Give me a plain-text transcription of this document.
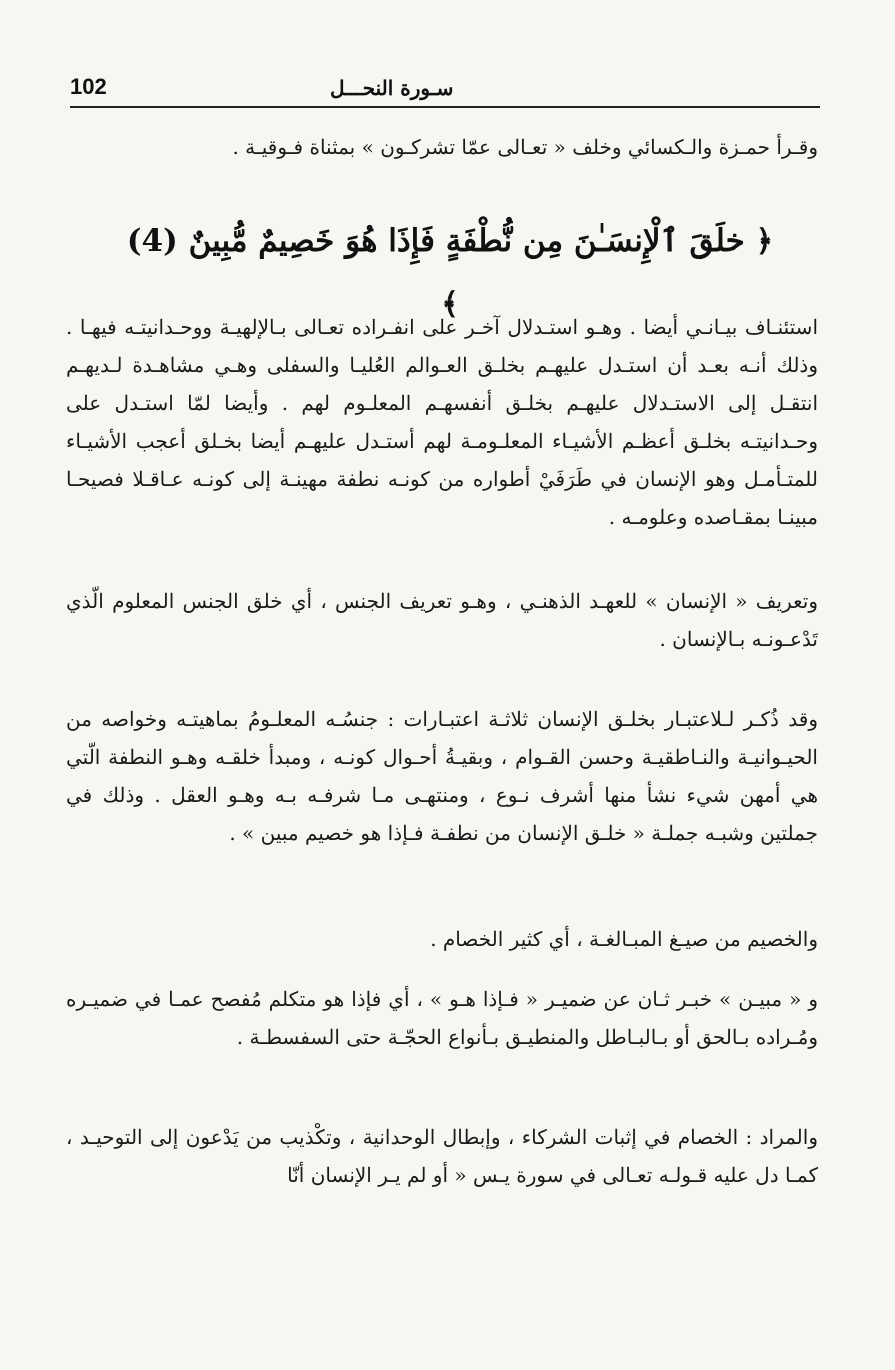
102	سـورة النحـــل
وقـرأ حمـزة والـكسائي وخلف « تعـالى عمّا تشركـون » بمثناة فـوقيـة .
﴿ خلَقَ ٱلْإِنسَـٰنَ مِن نُّطْفَةٍ فَإِذَا هُوَ خَصِيمٌ مُّبِينٌ (4) ﴾
استئنـاف بيـانـي أيضا . وهـو استـدلال آخـر على انفـراده تعـالى بـالإلهيـة ووحـدانيتـه فيهـا . وذلك أنـه بعـد أن استـدل عليهـم بخلـق العـوالم العُليـا والسفلى وهـي مشاهـدة لـديهـم انتقـل إلى الاستـدلال عليهـم بخلـق أنفسهـم المعلـوم لهم . وأيضا لمّا استـدل على وحـدانيتـه بخلـق أعظـم الأشيـاء المعلـومـة لهم أستـدل عليهـم أيضا بخـلق أعجب الأشيـاء للمتـأمـل وهو الإنسان في طَرَفَيْ أطواره من كونـه نطفة مهينـة إلى كونـه عـاقـلا فصيحـا مبينـا بمقـاصده وعلومـه .
وتعريف « الإنسان » للعهـد الذهنـي ، وهـو تعريف الجنس ، أي خلق الجنس المعلوم الّذي تَدْعـونـه بـالإنسان .
وقد ذُكـر لـلاعتبـار بخلـق الإنسان ثلاثـة اعتبـارات : جنسُـه المعلـومُ بماهيتـه وخواصه من الحيـوانيـة والنـاطقيـة وحسن القـوام ، وبقيـةُ أحـوال كونـه ، ومبدأ خلقـه وهـو النطفة الّتي هي أمهن شيء نشأ منها أشرف نـوع ، ومنتهـى مـا شرفـه بـه وهـو العقل . وذلك في جملتين وشبـه جملـة « خلـق الإنسان من نطفـة فـإذا هو خصيم مبين » .
والخصيم من صيـغ المبـالغـة ، أي كثير الخصام .
و « مبيـن » خبـر ثـان عن ضميـر « فـإذا هـو » ، أي فإذا هو متكلم مُفصح عمـا في ضميـره ومُـراده بـالحق أو بـالبـاطل والمنطيـق بـأنواع الحجّـة حتى السفسطـة .
والمراد : الخصام في إثبات الشركاء ، وإبطال الوحدانية ، وتكْذيب من يَدْعون إلى التوحيـد ، كمـا دل عليه قـولـه تعـالى في سورة يـس « أو لم يـر الإنسان أنّا
